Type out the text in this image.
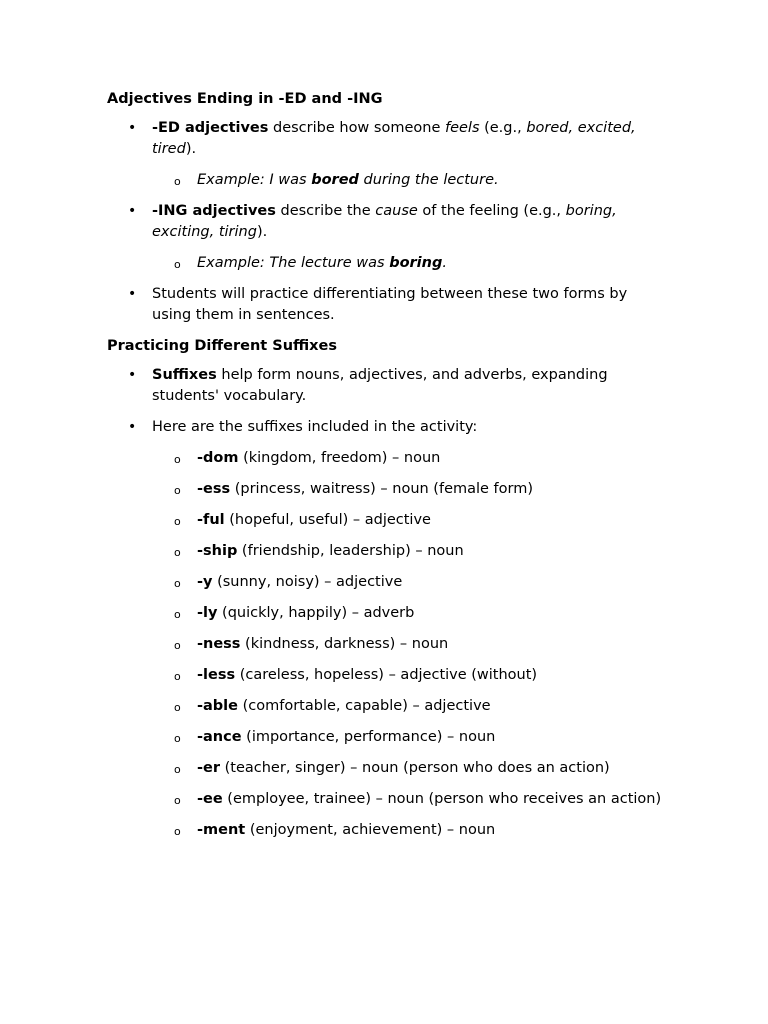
Adjectives Ending in -ED and -ING
• -ED adjectives describe how someone feels (e.g., bored, excited, tired).
o Example: I was bored during the lecture.
• -ING adjectives describe the cause of the feeling (e.g., boring, exciting, tiring).
o Example: The lecture was boring.
• Students will practice differentiating between these two forms by using them in sentences.
Practicing Different Suffixes
• Suffixes help form nouns, adjectives, and adverbs, expanding students' vocabulary.
• Here are the suffixes included in the activity:
o -dom (kingdom, freedom) – noun
o -ess (princess, waitress) – noun (female form)
o -ful (hopeful, useful) – adjective
o -ship (friendship, leadership) – noun
o -y (sunny, noisy) – adjective
o -ly (quickly, happily) – adverb
o -ness (kindness, darkness) – noun
o -less (careless, hopeless) – adjective (without)
o -able (comfortable, capable) – adjective
o -ance (importance, performance) – noun
o -er (teacher, singer) – noun (person who does an action)
o -ee (employee, trainee) – noun (person who receives an action)
o -ment (enjoyment, achievement) – noun
